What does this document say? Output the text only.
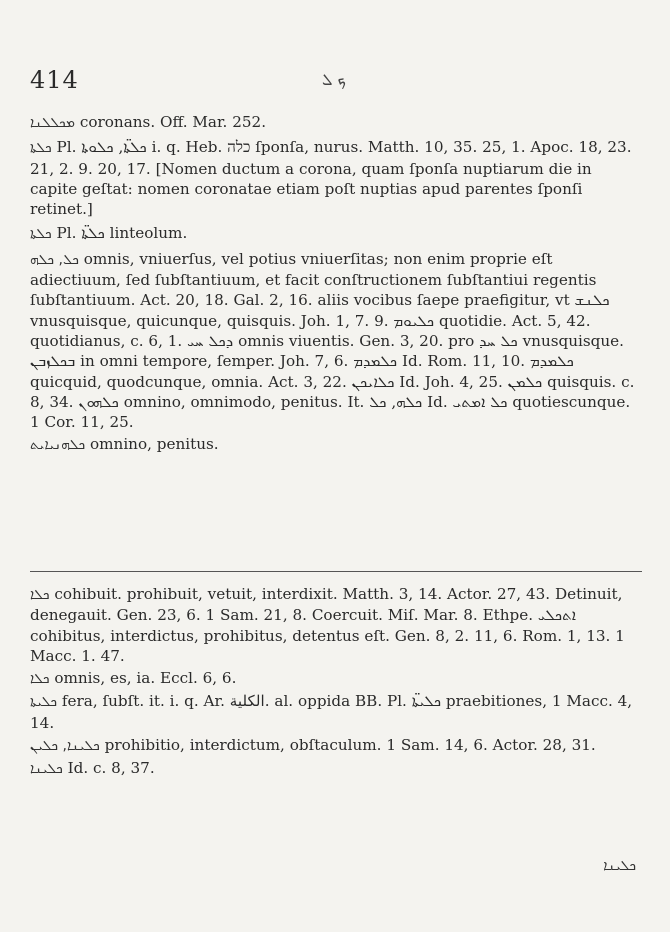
414	ܟ ܠ

ܡܟܠܠܢܐ coronans. Off. Mar. 252.

ܟܠܬܐ Pl. ܟܠܬ̈ܐ, ܟܠܘܬܐ i. q. Heb. כלה ſponſa, nurus. Matth. 10, 35. 25, 1. Apoc. 18, 23. 21, 2. 9. 20, 17. [Nomen ductum a corona, quam ſponſa nuptiarum die in capite geſtat: nomen coronatae etiam poſt nuptias apud parentes ſponſi retinet.]

ܟܠܬܐ Pl. ܟܠܬ̈ܐ linteolum.

ܟܠ, ܟܠܗ omnis, vniuerſus, vel potius vniuerſitas; non enim proprie eſt adiectiuum, ſed ſubſtantiuum, et facit conſtructionem ſubſtantiui regentis ſubſtantiuum. Act. 20, 18. Gal. 2, 16. aliis vocibus ſaepe praefigitur, vt ܟܠܢܫ vnusquisque, quicunque, quisquis. Joh. 1, 7. 9. ܟܠܝܘܡ quotidie. Act. 5, 42. quotidianus, c. 6, 1. ܕܟܠ ܚܝ omnis viuentis. Gen. 3, 20. pro ܟܠ ܚܕ vnusquisque. ܒܟܠܙܒܢ in omni tempore, ſemper. Joh. 7, 6. ܟܠܡܕܡ Id. Rom. 11, 10. ܟܠܡܕܡ quicquid, quodcunque, omnia. Act. 3, 22. ܟܠܐܝܟܢ Id. Joh. 4, 25. ܟܠܡܢ quisquis. c. 8, 34. ܟܠܗܘܢ omnino, omnimodo, penitus. It. ܟܠܗ, ܟܠ Id. ܟܠ ܐܡܬܝ quotiescunque. 1 Cor. 11, 25.

ܟܠܗܢܝܐܝܬ omnino, penitus.

ܟܠܐ cohibuit. prohibuit, vetuit, interdixit. Matth. 3, 14. Actor. 27, 43. Detinuit, denegauit. Gen. 23, 6. 1 Sam. 21, 8. Coercuit. Miſ. Mar. 8. Ethpe. ܐܬܟܠܝ cohibitus, interdictus, prohibitus, detentus eſt. Gen. 8, 2. 11, 6. Rom. 1, 13. 1 Macc. 1. 47.

ܟܠܐ omnis, es, ia. Eccl. 6, 6.

ܟܠܝܬܐ fera, ſubſt. it. i. q. Ar. الكلية. al. oppida BB. Pl. ܟܠܝܬ̈ܐ praebitiones, 1 Macc. 4, 14.

ܟܠܝܢܐ, ܟܠܝܢ prohibitio, interdictum, obſtaculum. 1 Sam. 14, 6. Actor. 28, 31.

ܟܠܝܢܐ Id. c. 8, 37.

ܟܠܝܢܐ
